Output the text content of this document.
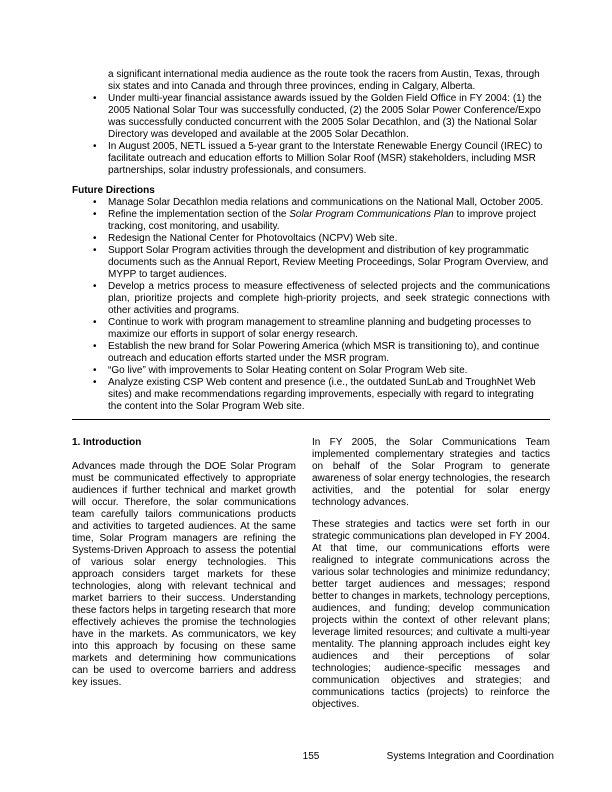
a significant international media audience as the route took the racers from Austin, Texas, through six states and into Canada and through three provinces, ending in Calgary, Alberta.
• Under multi-year financial assistance awards issued by the Golden Field Office in FY 2004: (1) the 2005 National Solar Tour was successfully conducted, (2) the 2005 Solar Power Conference/Expo was successfully conducted concurrent with the 2005 Solar Decathlon, and (3) the National Solar Directory was developed and available at the 2005 Solar Decathlon.
• In August 2005, NETL issued a 5-year grant to the Interstate Renewable Energy Council (IREC) to facilitate outreach and education efforts to Million Solar Roof (MSR) stakeholders, including MSR partnerships, solar industry professionals, and consumers.
Future Directions
• Manage Solar Decathlon media relations and communications on the National Mall, October 2005.
• Refine the implementation section of the Solar Program Communications Plan to improve project tracking, cost monitoring, and usability.
• Redesign the National Center for Photovoltaics (NCPV) Web site.
• Support Solar Program activities through the development and distribution of key programmatic documents such as the Annual Report, Review Meeting Proceedings, Solar Program Overview, and MYPP to target audiences.
• Develop a metrics process to measure effectiveness of selected projects and the communications plan, prioritize projects and complete high-priority projects, and seek strategic connections with other activities and programs.
• Continue to work with program management to streamline planning and budgeting processes to maximize our efforts in support of solar energy research.
• Establish the new brand for Solar Powering America (which MSR is transitioning to), and continue outreach and education efforts started under the MSR program.
• “Go live” with improvements to Solar Heating content on Solar Program Web site.
• Analyze existing CSP Web content and presence (i.e., the outdated SunLab and TroughNet Web sites) and make recommendations regarding improvements, especially with regard to integrating the content into the Solar Program Web site.
1. Introduction
Advances made through the DOE Solar Program must be communicated effectively to appropriate audiences if further technical and market growth will occur. Therefore, the solar communications team carefully tailors communications products and activities to targeted audiences. At the same time, Solar Program managers are refining the Systems-Driven Approach to assess the potential of various solar energy technologies. This approach considers target markets for these technologies, along with relevant technical and market barriers to their success. Understanding these factors helps in targeting research that more effectively achieves the promise the technologies have in the markets. As communicators, we key into this approach by focusing on these same markets and determining how communications can be used to overcome barriers and address key issues.
In FY 2005, the Solar Communications Team implemented complementary strategies and tactics on behalf of the Solar Program to generate awareness of solar energy technologies, the research activities, and the potential for solar energy technology advances.
These strategies and tactics were set forth in our strategic communications plan developed in FY 2004. At that time, our communications efforts were realigned to integrate communications across the various solar technologies and minimize redundancy; better target audiences and messages; respond better to changes in markets, technology perceptions, audiences, and funding; develop communication projects within the context of other relevant plans; leverage limited resources; and cultivate a multi-year mentality. The planning approach includes eight key audiences and their perceptions of solar technologies; audience-specific messages and communication objectives and strategies; and communications tactics (projects) to reinforce the objectives.
155	Systems Integration and Coordination
